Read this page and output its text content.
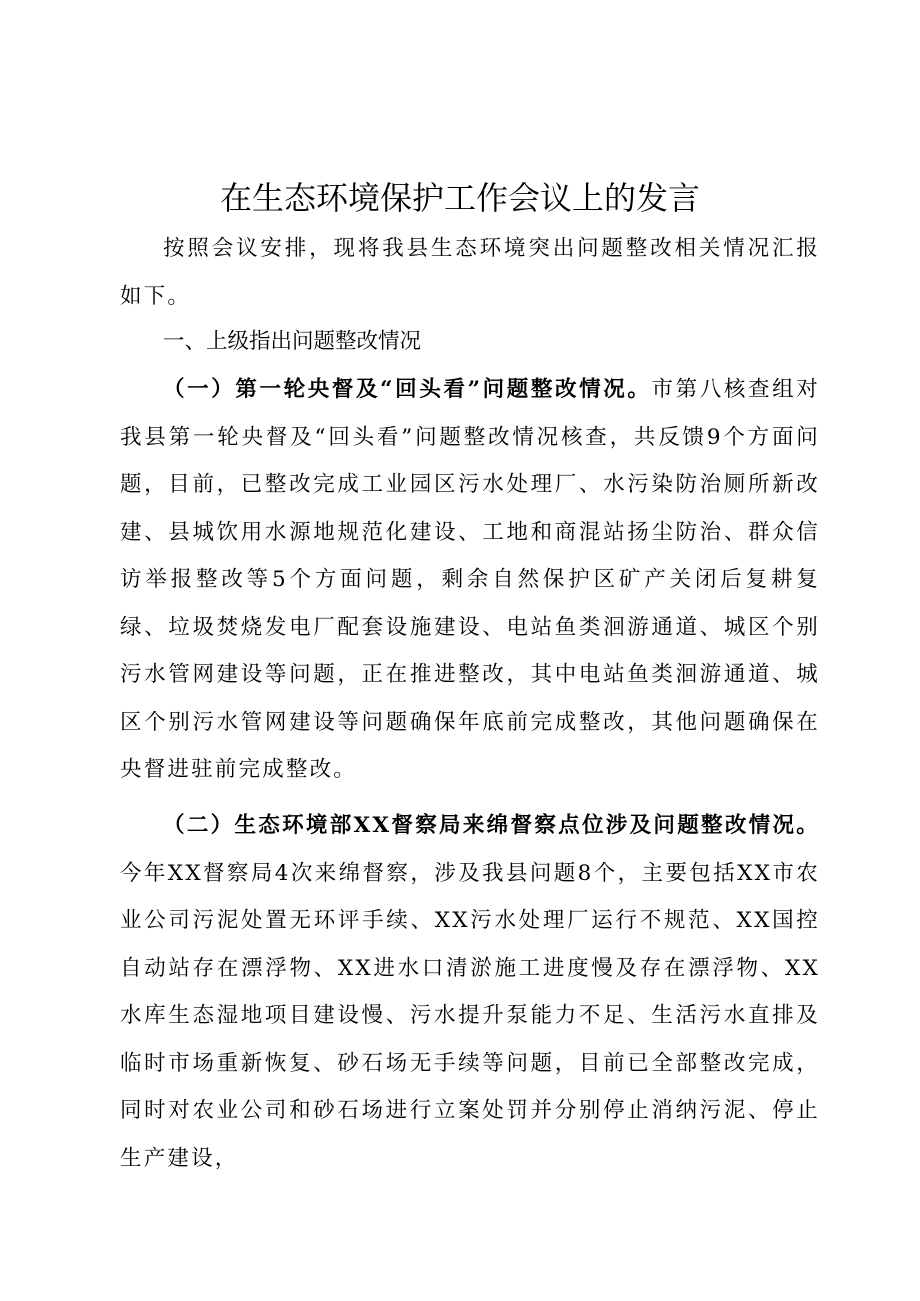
在生态环境保护工作会议上的发言

按照会议安排，现将我县生态环境突出问题整改相关情况汇报如下。

一、上级指出问题整改情况

（一）第一轮央督及“回头看”问题整改情况。市第八核查组对我县第一轮央督及“回头看”问题整改情况核查，共反馈9个方面问题，目前，已整改完成工业园区污水处理厂、水污染防治厕所新改建、县城饮用水源地规范化建设、工地和商混站扬尘防治、群众信访举报整改等5个方面问题，剩余自然保护区矿产关闭后复耕复绿、垃圾焚烧发电厂配套设施建设、电站鱼类洄游通道、城区个别污水管网建设等问题，正在推进整改，其中电站鱼类洄游通道、城区个别污水管网建设等问题确保年底前完成整改，其他问题确保在央督进驻前完成整改。

（二）生态环境部XX督察局来绵督察点位涉及问题整改情况。今年XX督察局4次来绵督察，涉及我县问题8个，主要包括XX市农业公司污泥处置无环评手续、XX污水处理厂运行不规范、XX国控自动站存在漂浮物、XX进水口清淤施工进度慢及存在漂浮物、XX水库生态湿地项目建设慢、污水提升泵能力不足、生活污水直排及临时市场重新恢复、砂石场无手续等问题，目前已全部整改完成，同时对农业公司和砂石场进行立案处罚并分别停止消纳污泥、停止生产建设，
